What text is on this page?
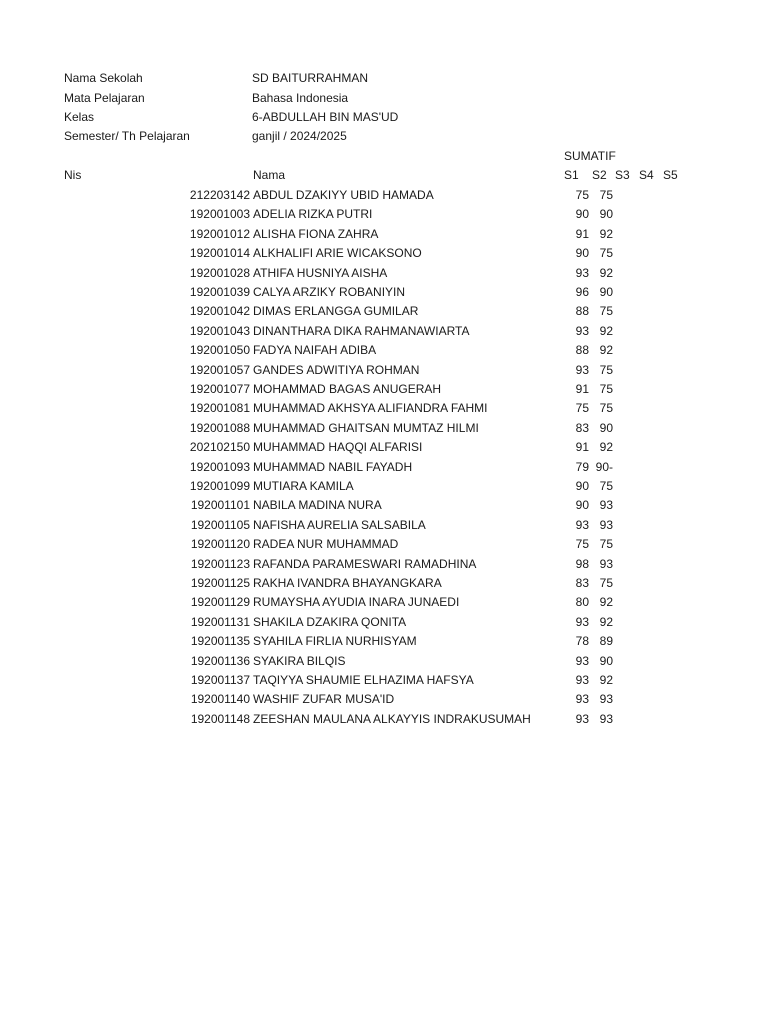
Nama Sekolah	SD BAITURRAHMAN
Mata Pelajaran	Bahasa Indonesia
Kelas	6-ABDULLAH BIN MAS'UD
Semester/ Th Pelajaran	ganjil / 2024/2025
SUMATIF
Nis	Nama	S1 S2 S3 S4 S5
212203142 ABDUL DZAKIYY UBID HAMADA	75 75
192001003 ADELIA RIZKA PUTRI	90 90
192001012 ALISHA FIONA ZAHRA	91 92
192001014 ALKHALIFI ARIE WICAKSONO	90 75
192001028 ATHIFA HUSNIYA AISHA	93 92
192001039 CALYA ARZIKY ROBANIYIN	96 90
192001042 DIMAS ERLANGGA GUMILAR	88 75
192001043 DINANTHARA DIKA RAHMANAWIARTA	93 92
192001050 FADYA NAIFAH ADIBA	88 92
192001057 GANDES ADWITIYA ROHMAN	93 75
192001077 MOHAMMAD BAGAS ANUGERAH	91 75
192001081 MUHAMMAD AKHSYA ALIFIANDRA FAHMI	75 75
192001088 MUHAMMAD GHAITSAN MUMTAZ HILMI	83 90
202102150 MUHAMMAD HAQQI ALFARISI	91 92
192001093 MUHAMMAD NABIL FAYADH	79 90-
192001099 MUTIARA KAMILA	90 75
192001101 NABILA MADINA NURA	90 93
192001105 NAFISHA AURELIA SALSABILA	93 93
192001120 RADEA NUR MUHAMMAD	75 75
192001123 RAFANDA PARAMESWARI RAMADHINA	98 93
192001125 RAKHA IVANDRA BHAYANGKARA	83 75
192001129 RUMAYSHA AYUDIA INARA JUNAEDI	80 92
192001131 SHAKILA DZAKIRA QONITA	93 92
192001135 SYAHILA FIRLIA NURHISYAM	78 89
192001136 SYAKIRA BILQIS	93 90
192001137 TAQIYYA SHAUMIE ELHAZIMA HAFSYA	93 92
192001140 WASHIF ZUFAR MUSA'ID	93 93
192001148 ZEESHAN MAULANA ALKAYYIS INDRAKUSUMAH	93 93
